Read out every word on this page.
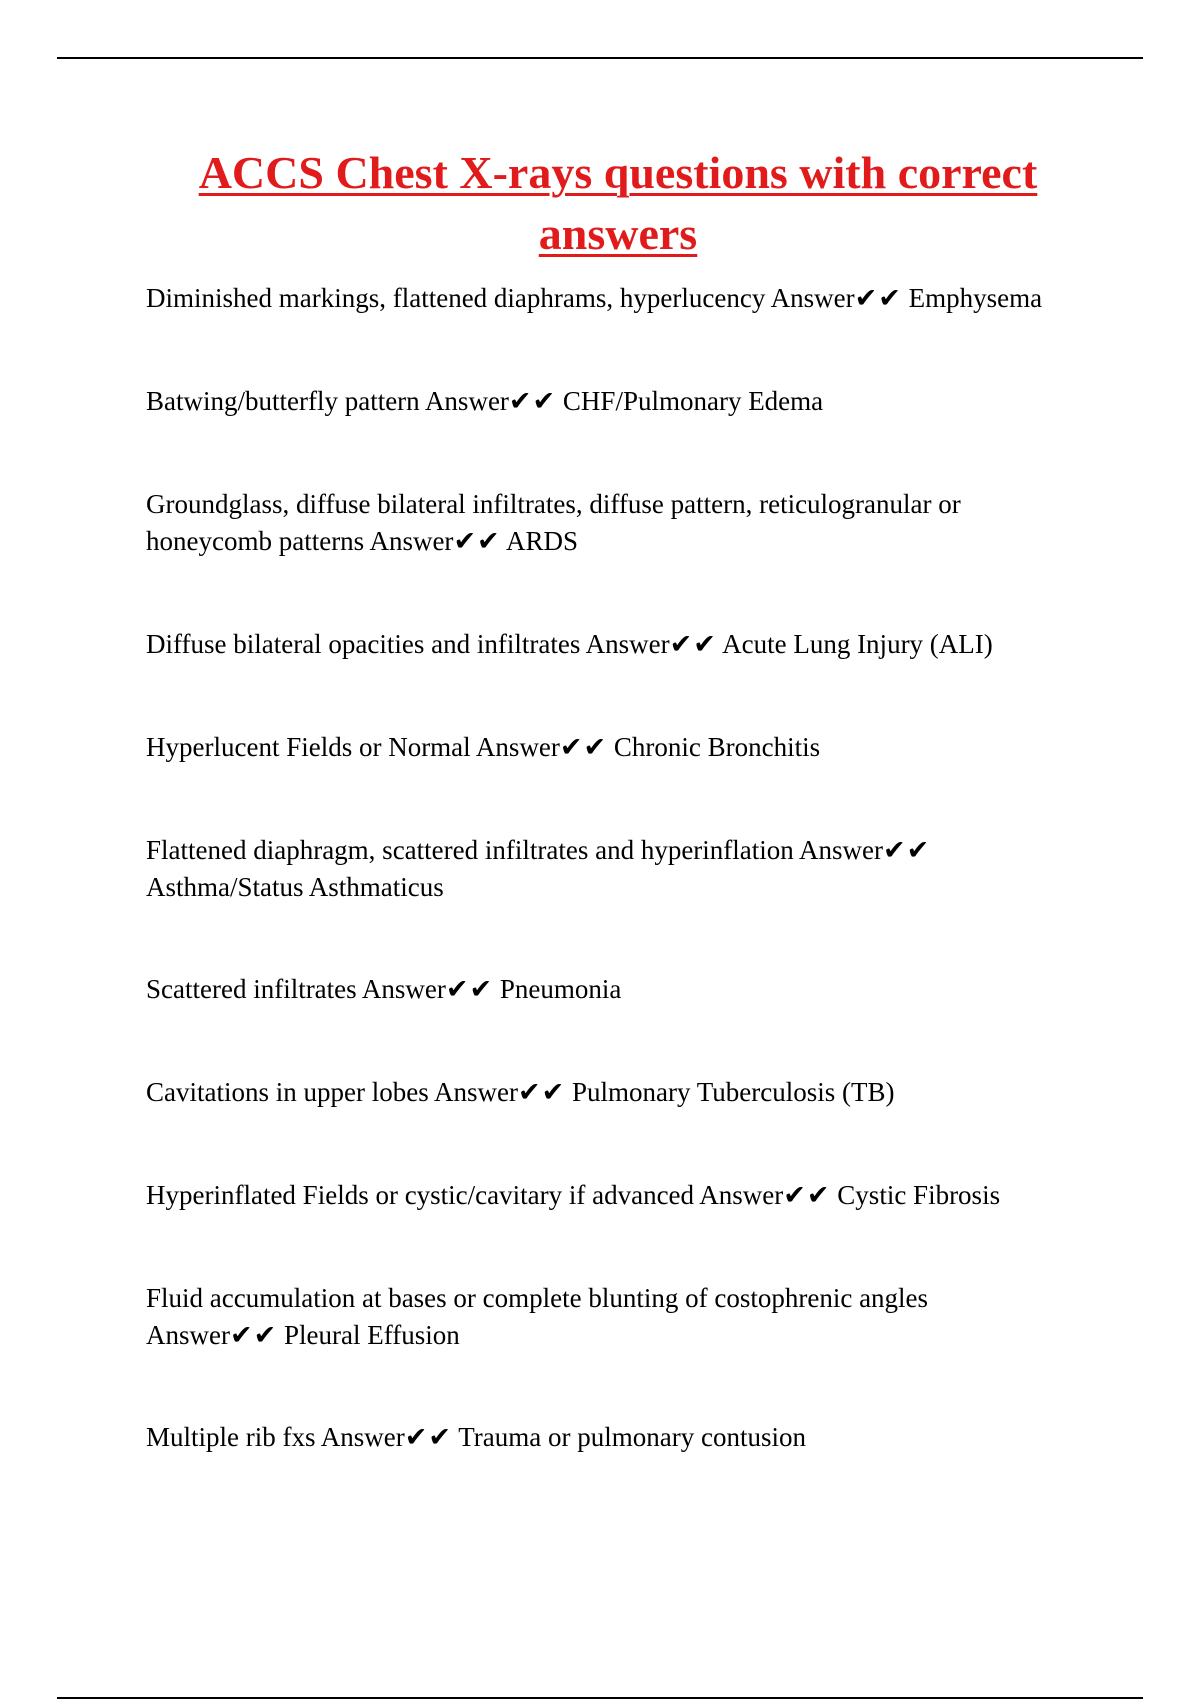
ACCS Chest X-rays questions with correct answers

Diminished markings, flattened diaphrams, hyperlucency Answer✔✔ Emphysema

Batwing/butterfly pattern Answer✔✔ CHF/Pulmonary Edema

Groundglass, diffuse bilateral infiltrates, diffuse pattern, reticulogranular or honeycomb patterns Answer✔✔ ARDS

Diffuse bilateral opacities and infiltrates Answer✔✔ Acute Lung Injury (ALI)

Hyperlucent Fields or Normal Answer✔✔ Chronic Bronchitis

Flattened diaphragm, scattered infiltrates and hyperinflation Answer✔✔ Asthma/Status Asthmaticus

Scattered infiltrates Answer✔✔ Pneumonia

Cavitations in upper lobes Answer✔✔ Pulmonary Tuberculosis (TB)

Hyperinflated Fields or cystic/cavitary if advanced Answer✔✔ Cystic Fibrosis

Fluid accumulation at bases or complete blunting of costophrenic angles Answer✔✔ Pleural Effusion

Multiple rib fxs Answer✔✔ Trauma or pulmonary contusion
